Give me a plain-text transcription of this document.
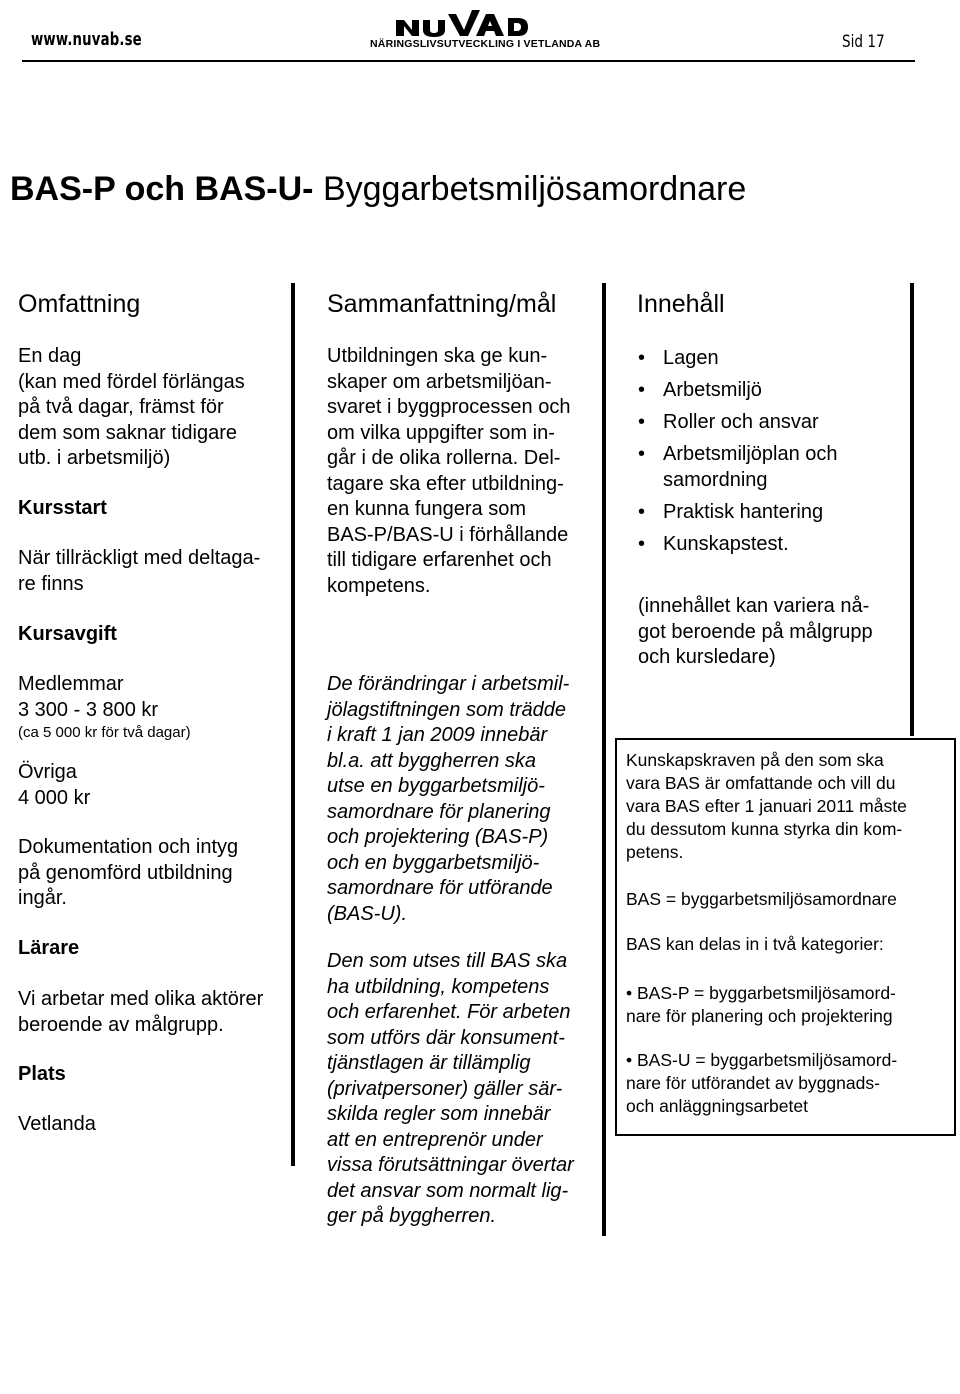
www.nuvab.se	NÄRINGSLIVSUTVECKLING I VETLANDA AB	Sid 17
BAS-P och BAS-U- Byggarbetsmiljösamordnare
Omfattning
En dag
(kan med fördel förlängas
på två dagar, främst för
dem som saknar tidigare
utb. i arbetsmiljö)
Kursstart
När tillräckligt med deltaga-
re finns
Kursavgift
Medlemmar
3 300 - 3 800 kr
(ca 5 000 kr för två dagar)
Övriga
4 000 kr
Dokumentation och intyg
på genomförd utbildning
ingår.
Lärare
Vi arbetar med olika aktörer
beroende av målgrupp.
Plats
Vetlanda
Sammanfattning/mål
Utbildningen ska ge kun-
skaper om arbetsmiljöan-
svaret i byggprocessen och
om vilka uppgifter som in-
går i de olika rollerna. Del-
tagare ska efter utbildning-
en kunna fungera som
BAS-P/BAS-U i förhållande
till tidigare erfarenhet och
kompetens.
De förändringar i arbetsmil-
jölagstiftningen som trädde
i kraft 1 jan 2009 innebär
bl.a. att byggherren ska
utse en byggarbetsmiljö-
samordnare för planering
och projektering (BAS-P)
och en byggarbetsmiljö-
samordnare för utförande
(BAS-U).
Den som utses till BAS ska
ha utbildning, kompetens
och erfarenhet. För arbeten
som utförs där konsument-
tjänstlagen är tillämplig
(privatpersoner) gäller sär-
skilda regler som innebär
att en entreprenör under
vissa förutsättningar övertar
det ansvar som normalt lig-
ger på byggherren.
Innehåll
• Lagen
• Arbetsmiljö
• Roller och ansvar
• Arbetsmiljöplan och
samordning
• Praktisk hantering
• Kunskapstest.
(innehållet kan variera nå-
got beroende på målgrupp
och kursledare)
Kunskapskraven på den som ska
vara BAS är omfattande och vill du
vara BAS efter 1 januari 2011 måste
du dessutom kunna styrka din kom-
petens.
BAS = byggarbetsmiljösamordnare
BAS kan delas in i två kategorier:
• BAS-P = byggarbetsmiljösamord-
nare för planering och projektering
• BAS-U = byggarbetsmiljösamord-
nare för utförandet av byggnads-
och anläggningsarbetet
